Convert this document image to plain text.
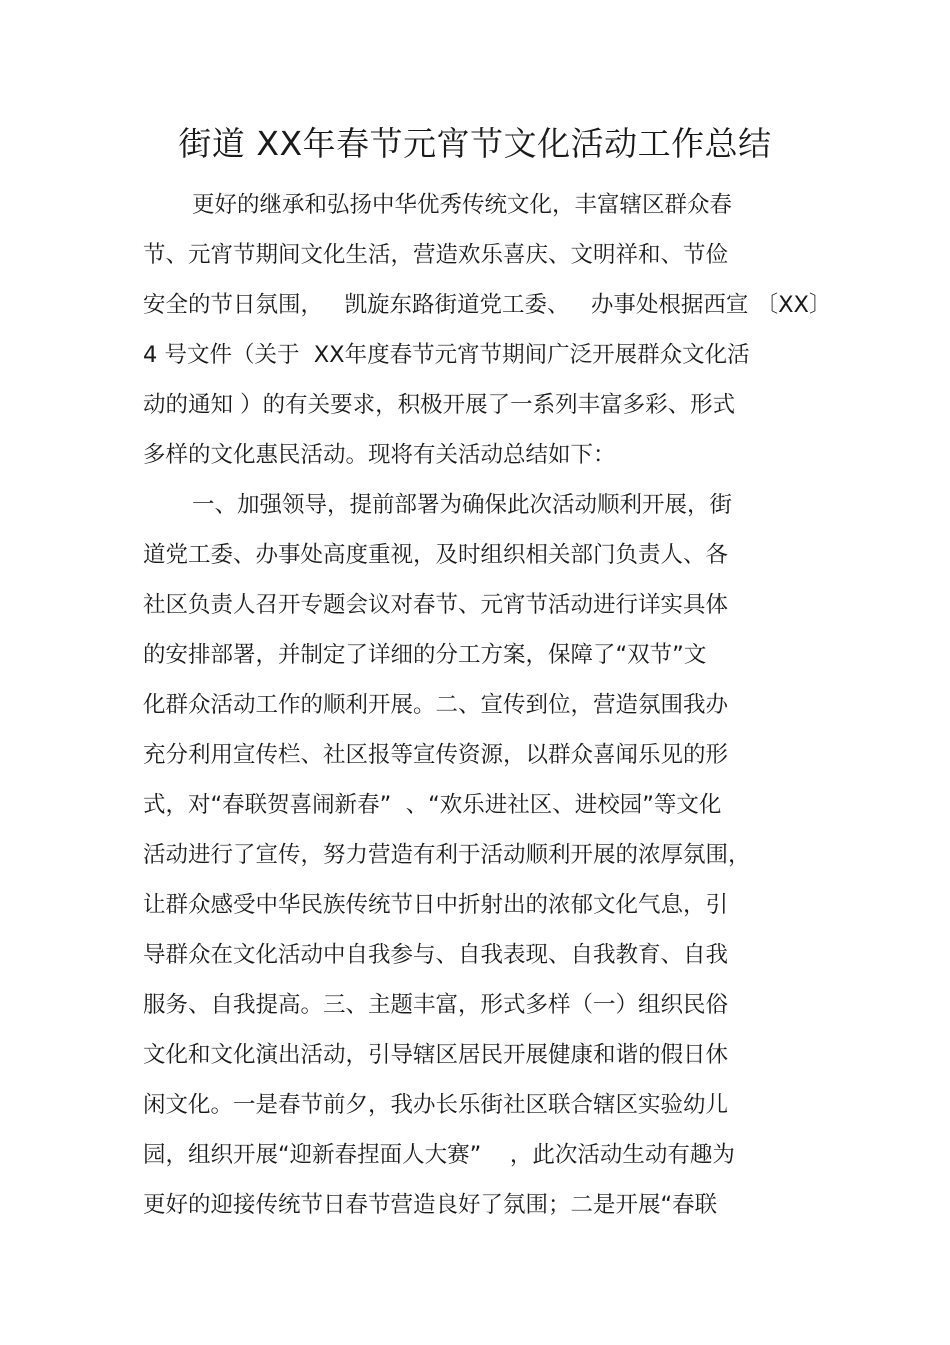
街道 XX年春节元宵节文化活动工作总结
更好的继承和弘扬中华优秀传统文化，丰富辖区群众春
节、元宵节期间文化生活，营造欢乐喜庆、文明祥和、节俭
安全的节日氛围，   凯旋东路街道党工委、   办事处根据西宣 〔XX〕
4 号文件（关于  XX年度春节元宵节期间广泛开展群众文化活
动的通知 ）的有关要求，积极开展了一系列丰富多彩、形式
多样的文化惠民活动。现将有关活动总结如下：
一、加强领导，提前部署为确保此次活动顺利开展，街
道党工委、办事处高度重视，及时组织相关部门负责人、各
社区负责人召开专题会议对春节、元宵节活动进行详实具体
的安排部署，并制定了详细的分工方案，保障了“双节”文
化群众活动工作的顺利开展。二、宣传到位，营造氛围我办
充分利用宣传栏、社区报等宣传资源，以群众喜闻乐见的形
式，对“春联贺喜闹新春”  、“欢乐进社区、进校园”等文化
活动进行了宣传，努力营造有利于活动顺利开展的浓厚氛围，
让群众感受中华民族传统节日中折射出的浓郁文化气息，引
导群众在文化活动中自我参与、自我表现、自我教育、自我
服务、自我提高。三、主题丰富，形式多样（一）组织民俗
文化和文化演出活动，引导辖区居民开展健康和谐的假日休
闲文化。一是春节前夕，我办长乐街社区联合辖区实验幼儿
园，组织开展“迎新春捏面人大赛”    ，此次活动生动有趣为
更好的迎接传统节日春节营造良好了氛围；二是开展“春联
